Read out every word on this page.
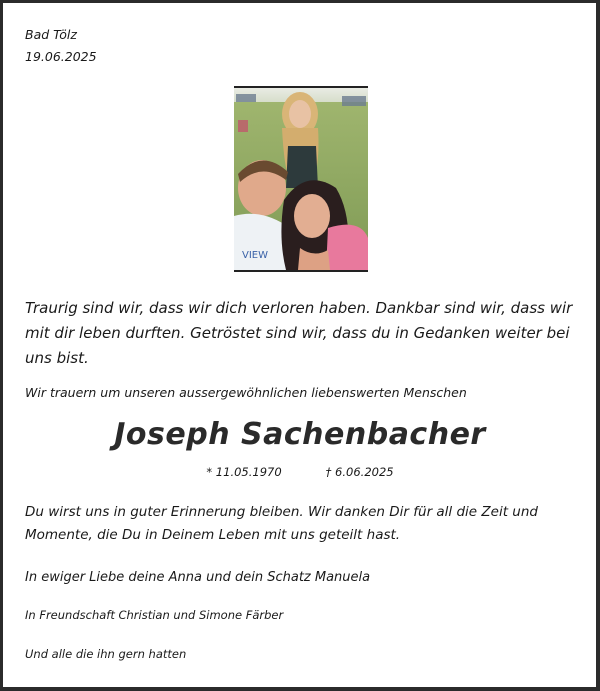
Bad Tölz
19.06.2025
VIEW
Traurig sind wir, dass wir dich verloren haben. Dankbar sind wir, dass wir mit dir leben durften. Getröstet sind wir, dass du in Gedanken weiter bei uns bist.
Wir trauern um unseren aussergewöhnlichen liebenswerten Menschen
Joseph Sachenbacher
* 11.05.1970	† 6.06.2025
Du wirst uns in guter Erinnerung bleiben. Wir danken Dir für all die Zeit und Momente, die Du in Deinem Leben mit uns geteilt hast.
In ewiger Liebe deine Anna und dein Schatz Manuela
In Freundschaft Christian und Simone Färber
Und alle die ihn gern hatten
